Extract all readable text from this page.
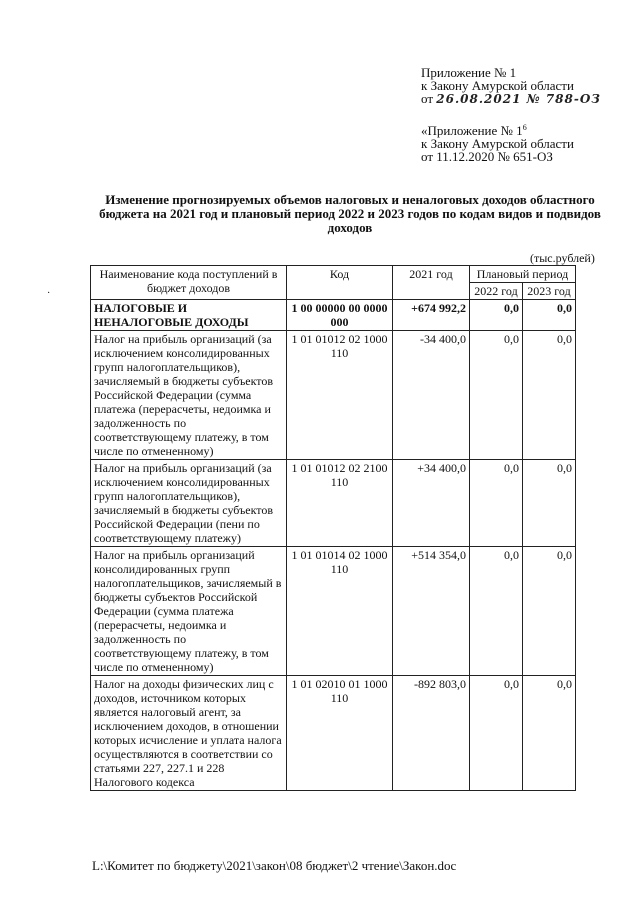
Приложение № 1
к Закону Амурской области
от 26.08.2021 № 788-ОЗ
«Приложение № $1^6$
к Закону Амурской области
от 11.12.2020 № 651-ОЗ
Изменение прогнозируемых объемов налоговых и неналоговых доходов областного бюджета на 2021 год и плановый период 2022 и 2023 годов по кодам видов и подвидов доходов
·
(тыс.рублей)
Наименование кода поступлений в бюджет доходов	Код	2021 год	Плановый период	
			2022 год	2023 год
НАЛОГОВЫЕ И НЕНАЛОГОВЫЕ ДОХОДЫ	1 00 00000 00 0000 000	+674 992,2	0,0	0,0
Налог на прибыль организаций (за исключением консолидированных групп налогоплательщиков), зачисляемый в бюджеты субъектов Российской Федерации (сумма платежа (перерасчеты, недоимка и задолженность по соответствующему платежу, в том числе по отмененному)	1 01 01012 02 1000 110	-34 400,0	0,0	0,0
Налог на прибыль организаций (за исключением консолидированных групп налогоплательщиков), зачисляемый в бюджеты субъектов Российской Федерации (пени по соответствующему платежу)	1 01 01012 02 2100 110	+34 400,0	0,0	0,0
Налог на прибыль организаций консолидированных групп налогоплательщиков, зачисляемый в бюджеты субъектов Российской Федерации (сумма платежа (перерасчеты, недоимка и задолженность по соответствующему платежу, в том числе по отмененному)	1 01 01014 02 1000 110	+514 354,0	0,0	0,0
Налог на доходы физических лиц с доходов, источником которых является налоговый агент, за исключением доходов, в отношении которых исчисление и уплата налога осуществляются в соответствии со статьями 227, 227.1 и 228 Налогового кодекса	1 01 02010 01 1000 110	-892 803,0	0,0	0,0
L:\Комитет по бюджету\2021\закон\08 бюджет\2 чтение\Закон.doc
